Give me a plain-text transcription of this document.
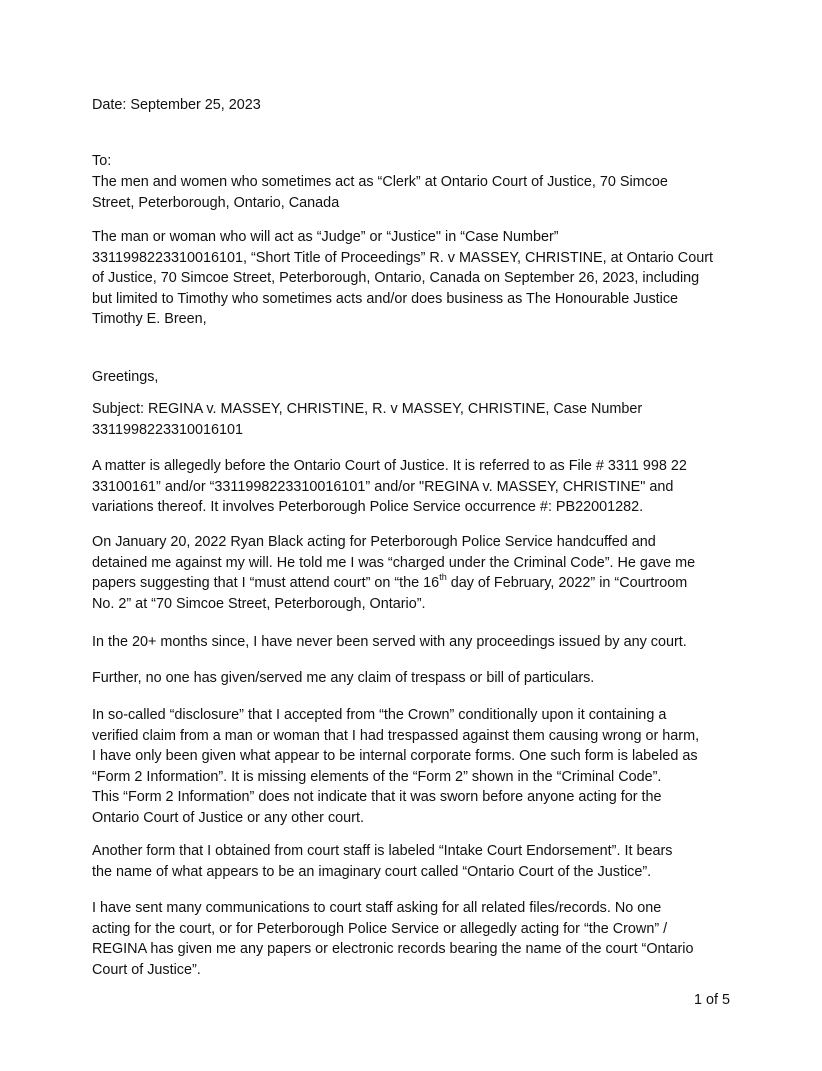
Date: September 25, 2023

To:

The men and women who sometimes act as “Clerk” at Ontario Court of Justice, 70 Simcoe
Street, Peterborough, Ontario, Canada

The man or woman who will act as “Judge” or “Justice" in “Case Number”
3311998223310016101, “Short Title of Proceedings” R. v MASSEY, CHRISTINE, at Ontario Court
of Justice, 70 Simcoe Street, Peterborough, Ontario, Canada on September 26, 2023, including
but limited to Timothy who sometimes acts and/or does business as The Honourable Justice
Timothy E. Breen,

Greetings,

Subject: REGINA v. MASSEY, CHRISTINE, R. v MASSEY, CHRISTINE, Case Number
3311998223310016101

A matter is allegedly before the Ontario Court of Justice. It is referred to as File # 3311 998 22
33100161” and/or “3311998223310016101” and/or "REGINA v. MASSEY, CHRISTINE" and
variations thereof. It involves Peterborough Police Service occurrence #: PB22001282.

On January 20, 2022 Ryan Black acting for Peterborough Police Service handcuffed and
detained me against my will. He told me I was “charged under the Criminal Code”. He gave me
papers suggesting that I “must attend court” on “the 16th day of February, 2022” in “Courtroom
No. 2” at “70 Simcoe Street, Peterborough, Ontario”.

In the 20+ months since, I have never been served with any proceedings issued by any court.

Further, no one has given/served me any claim of trespass or bill of particulars.

In so-called “disclosure” that I accepted from “the Crown” conditionally upon it containing a
verified claim from a man or woman that I had trespassed against them causing wrong or harm,
I have only been given what appear to be internal corporate forms. One such form is labeled as
“Form 2 Information”. It is missing elements of the “Form 2” shown in the “Criminal Code”.
This “Form 2 Information” does not indicate that it was sworn before anyone acting for the
Ontario Court of Justice or any other court.

Another form that I obtained from court staff is labeled “Intake Court Endorsement”. It bears
the name of what appears to be an imaginary court called “Ontario Court of the Justice”.

I have sent many communications to court staff asking for all related files/records. No one
acting for the court, or for Peterborough Police Service or allegedly acting for “the Crown” /
REGINA has given me any papers or electronic records bearing the name of the court “Ontario
Court of Justice”.

1 of 5
